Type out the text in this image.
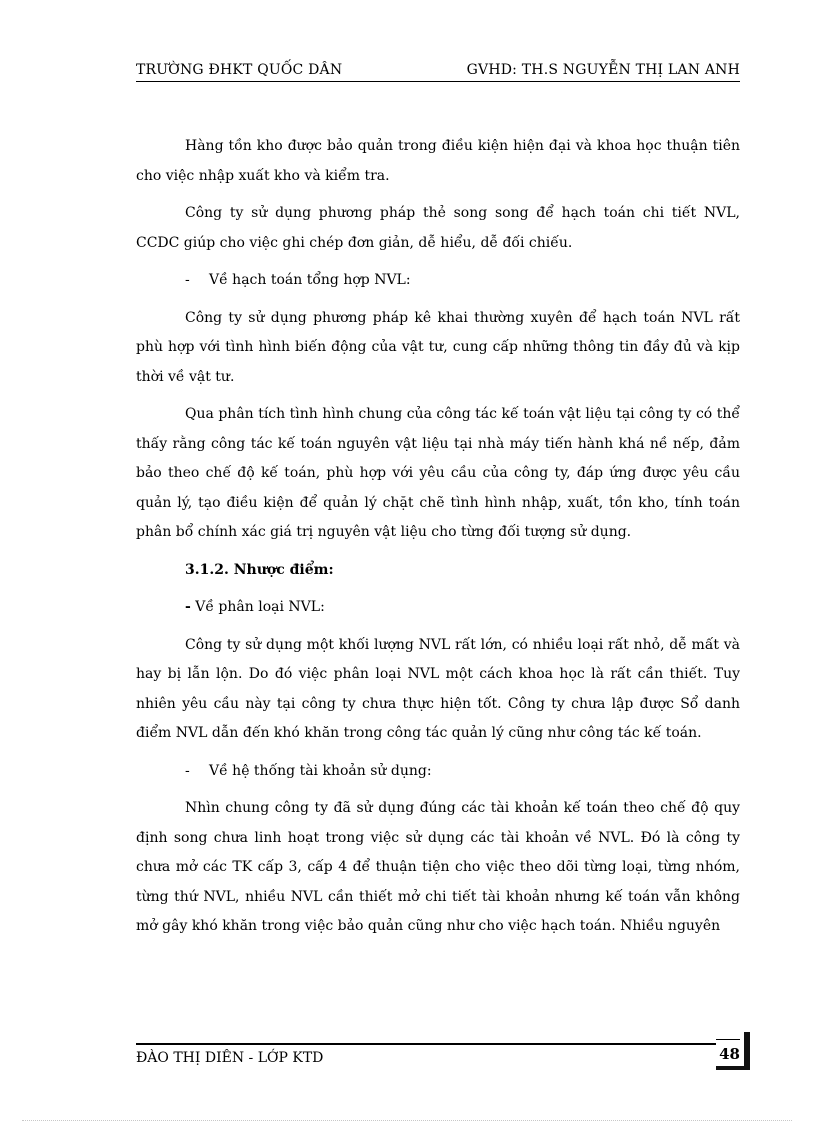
TRƯỜNG ĐHKT QUỐC DÂN	GVHD: TH.S NGUYỄN THỊ LAN ANH

Hàng tồn kho được bảo quản trong điều kiện hiện đại và khoa học thuận tiên cho việc nhập xuất kho và kiểm tra.

Công ty sử dụng phương pháp thẻ song song để hạch toán chi tiết NVL, CCDC giúp cho việc ghi chép đơn giản, dễ hiểu, dễ đối chiếu.

- Về hạch toán tổng hợp NVL:

Công ty sử dụng phương pháp kê khai thường xuyên để hạch toán NVL rất phù hợp với tình hình biến động của vật tư, cung cấp những thông tin đầy đủ và kịp thời về vật tư.

Qua phân tích tình hình chung của công tác kế toán vật liệu tại công ty có thể thấy rằng công tác kế toán nguyên vật liệu tại nhà máy tiến hành khá nề nếp, đảm bảo theo chế độ kế toán, phù hợp với yêu cầu của công ty, đáp ứng được yêu cầu quản lý, tạo điều kiện để quản lý chặt chẽ tình hình nhập, xuất, tồn kho, tính toán phân bổ chính xác giá trị nguyên vật liệu cho từng đối tượng sử dụng.

3.1.2. Nhược điểm:

- Về phân loại NVL:

Công ty sử dụng một khối lượng NVL rất lớn, có nhiều loại rất nhỏ, dễ mất và hay bị lẫn lộn. Do đó việc phân loại NVL một cách khoa học là rất cần thiết. Tuy nhiên yêu cầu này tại công ty chưa thực hiện tốt. Công ty chưa lập được Sổ danh điểm NVL dẫn đến khó khăn trong công tác quản lý cũng như công tác kế toán.

- Về hệ thống tài khoản sử dụng:

Nhìn chung công ty đã sử dụng đúng các tài khoản kế toán theo chế độ quy định song chưa linh hoạt trong việc sử dụng các tài khoản về NVL. Đó là công ty chưa mở các TK cấp 3, cấp 4 để thuận tiện cho việc theo dõi từng loại, từng nhóm, từng thứ NVL, nhiều NVL cần thiết mở chi tiết tài khoản nhưng kế toán vẫn không mở gây khó khăn trong việc bảo quản cũng như cho việc hạch toán. Nhiều nguyên

ĐÀO THỊ DIÊN - LỚP KTD	48
